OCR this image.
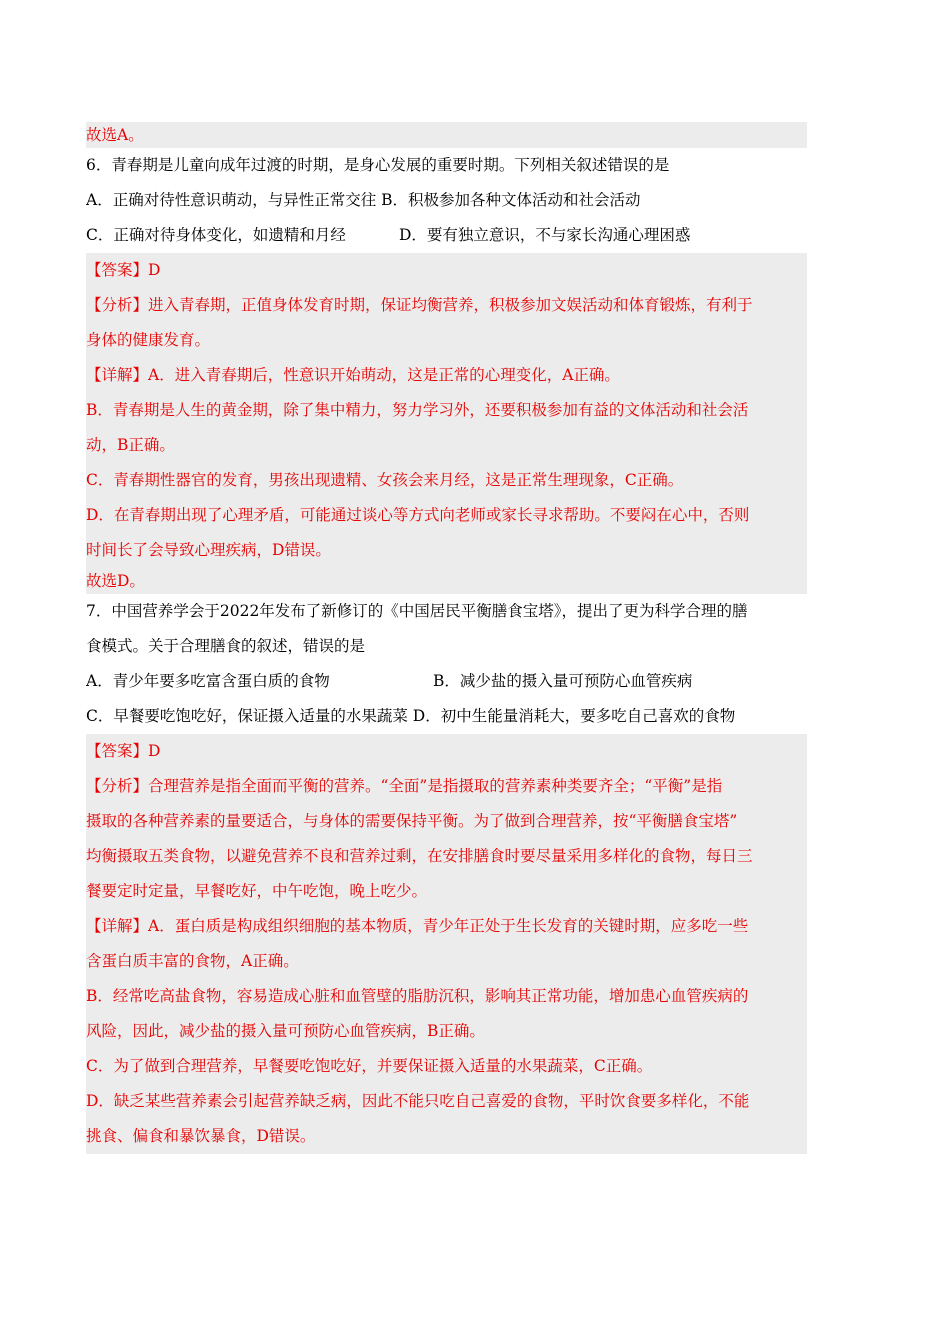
故选A。
6．青春期是儿童向成年过渡的时期，是身心发展的重要时期。下列相关叙述错误的是
A．正确对待性意识萌动，与异性正常交往 B．积极参加各种文体活动和社会活动
C．正确对待身体变化，如遗精和月经	D．要有独立意识，不与家长沟通心理困惑
【答案】D
【分析】进入青春期，正值身体发育时期，保证均衡营养，积极参加文娱活动和体育锻炼，有利于
身体的健康发育。
【详解】A．进入青春期后，性意识开始萌动，这是正常的心理变化，A正确。
B．青春期是人生的黄金期，除了集中精力，努力学习外，还要积极参加有益的文体活动和社会活
动，B正确。
C．青春期性器官的发育，男孩出现遗精、女孩会来月经，这是正常生理现象，C正确。
D．在青春期出现了心理矛盾，可能通过谈心等方式向老师或家长寻求帮助。不要闷在心中，否则
时间长了会导致心理疾病，D错误。
故选D。
7．中国营养学会于2022年发布了新修订的《中国居民平衡膳食宝塔》，提出了更为科学合理的膳
食模式。关于合理膳食的叙述，错误的是
A．青少年要多吃富含蛋白质的食物	B．减少盐的摄入量可预防心血管疾病
C．早餐要吃饱吃好，保证摄入适量的水果蔬菜 D．初中生能量消耗大，要多吃自己喜欢的食物
【答案】D
【分析】合理营养是指全面而平衡的营养。“全面”是指摄取的营养素种类要齐全；“平衡”是指
摄取的各种营养素的量要适合，与身体的需要保持平衡。为了做到合理营养，按“平衡膳食宝塔”
均衡摄取五类食物，以避免营养不良和营养过剩，在安排膳食时要尽量采用多样化的食物，每日三
餐要定时定量，早餐吃好，中午吃饱，晚上吃少。
【详解】A．蛋白质是构成组织细胞的基本物质，青少年正处于生长发育的关键时期，应多吃一些
含蛋白质丰富的食物，A正确。
B．经常吃高盐食物，容易造成心脏和血管壁的脂肪沉积，影响其正常功能，增加患心血管疾病的
风险，因此，减少盐的摄入量可预防心血管疾病，B正确。
C．为了做到合理营养，早餐要吃饱吃好，并要保证摄入适量的水果蔬菜，C正确。
D．缺乏某些营养素会引起营养缺乏病，因此不能只吃自己喜爱的食物，平时饮食要多样化，不能
挑食、偏食和暴饮暴食，D错误。
